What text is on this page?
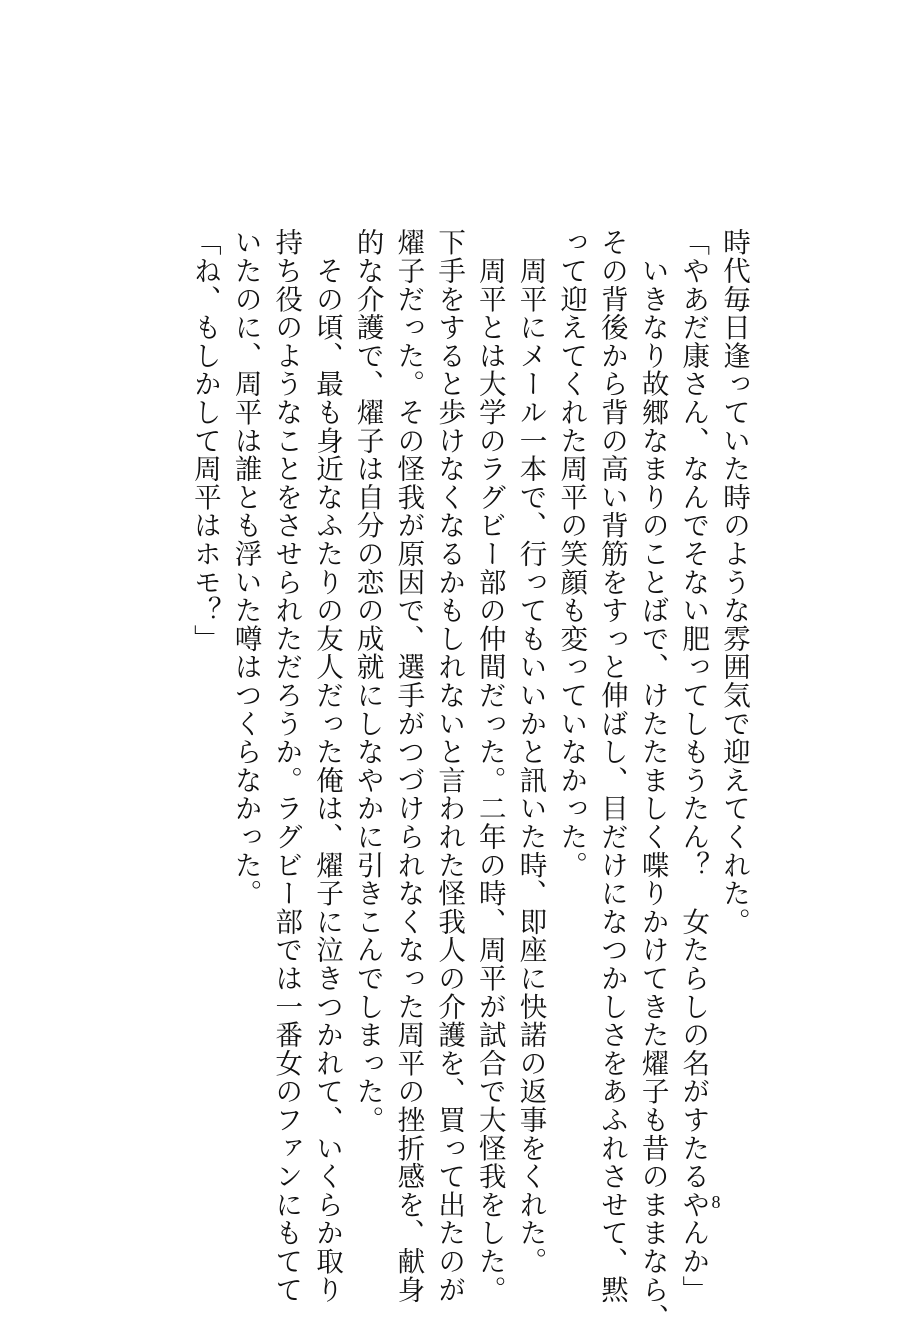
時代毎日逢っていた時のような雰囲気で迎えてくれた。
「やあだ康さん、なんでそない肥ってしもうたん？　女たらしの名がすたるやんか」
　いきなり故郷なまりのことばで、けたたましく喋りかけてきた燿子も昔のままなら、
その背後から背の高い背筋をすっと伸ばし、目だけになつかしさをあふれさせて、黙
って迎えてくれた周平の笑顔も変っていなかった。
　周平にメール一本で、行ってもいいかと訊いた時、即座に快諾の返事をくれた。
　周平とは大学のラグビー部の仲間だった。二年の時、周平が試合で大怪我をした。
下手をすると歩けなくなるかもしれないと言われた怪我人の介護を、買って出たのが
燿子だった。その怪我が原因で、選手がつづけられなくなった周平の挫折感を、献身
的な介護で、燿子は自分の恋の成就にしなやかに引きこんでしまった。
　その頃、最も身近なふたりの友人だった俺は、燿子に泣きつかれて、いくらか取り
持ち役のようなことをさせられただろうか。ラグビー部では一番女のファンにもてて
いたのに、周平は誰とも浮いた噂はつくらなかった。
「ね、もしかして周平はホモ？」
8
